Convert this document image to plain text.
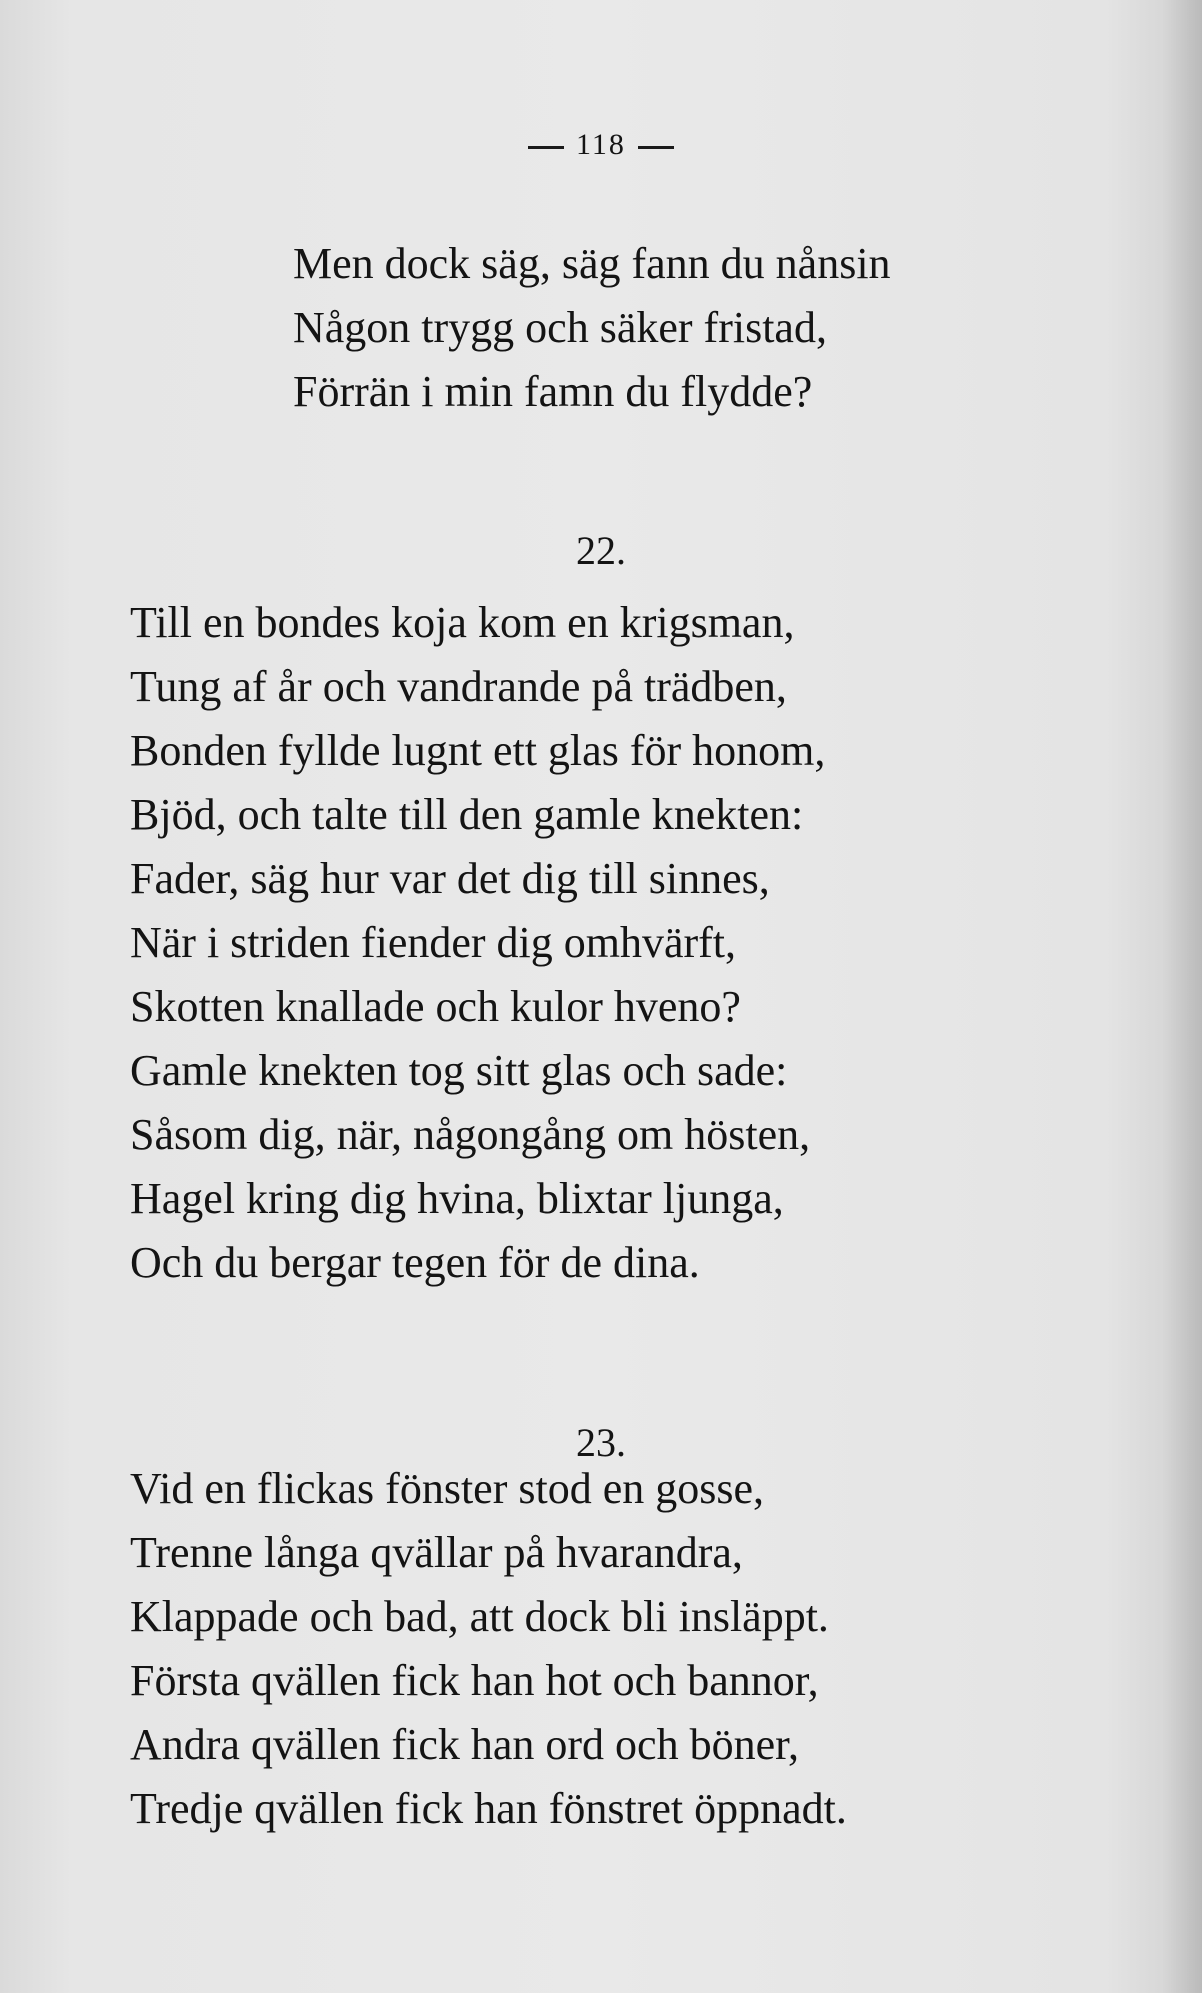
118
Men dock säg, säg fann du nånsin
Någon trygg och säker fristad,
Förrän i min famn du flydde?
22.
Till en bondes koja kom en krigsman,
Tung af år och vandrande på trädben,
Bonden fyllde lugnt ett glas för honom,
Bjöd, och talte till den gamle knekten:
Fader, säg hur var det dig till sinnes,
När i striden fiender dig omhvärft,
Skotten knallade och kulor hveno?
Gamle knekten tog sitt glas och sade:
Såsom dig, när, någongång om hösten,
Hagel kring dig hvina, blixtar ljunga,
Och du bergar tegen för de dina.
23.
Vid en flickas fönster stod en gosse,
Trenne långa qvällar på hvarandra,
Klappade och bad, att dock bli insläppt.
Första qvällen fick han hot och bannor,
Andra qvällen fick han ord och böner,
Tredje qvällen fick han fönstret öppnadt.
